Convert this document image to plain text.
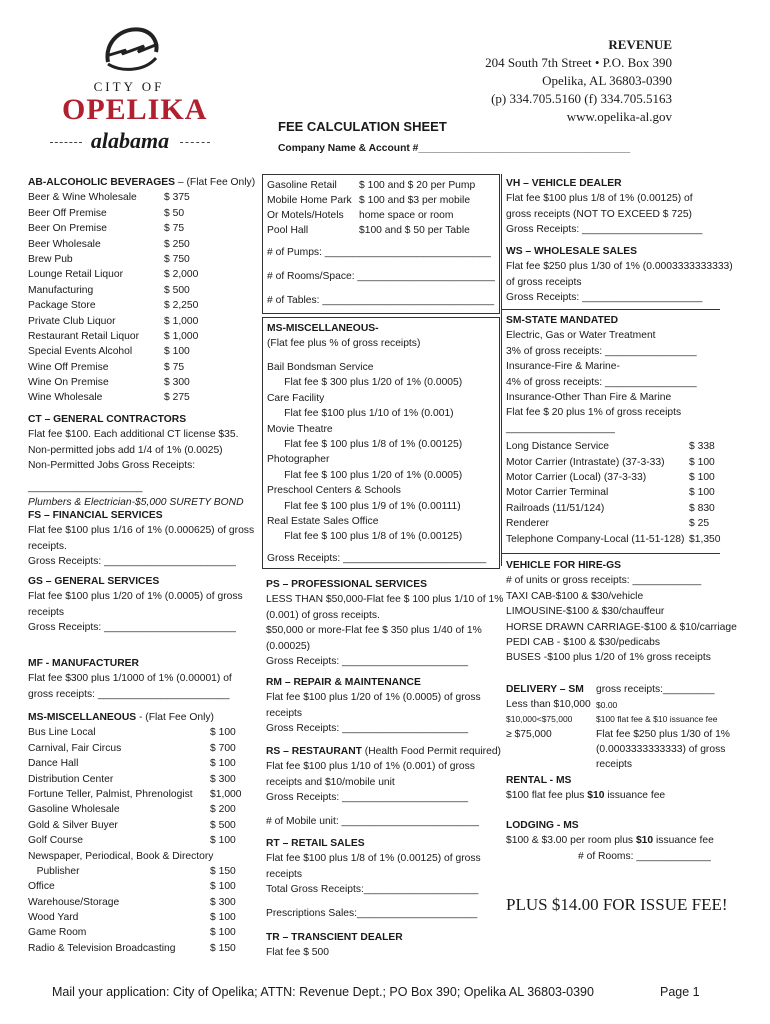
CITY OF
OPELIKA
alabama
REVENUE
204 South 7th Street • P.O. Box 390
Opelika, AL 36803-0390
(p) 334.705.5160 (f) 334.705.5163
www.opelika-al.gov
FEE CALCULATION SHEET
Company Name & Account #_____________________________________
AB-ALCOHOLIC BEVERAGES – (Flat Fee Only)
Beer & Wine Wholesale	$ 375
Beer Off Premise	$ 50
Beer On Premise	$ 75
Beer Wholesale	$ 250
Brew Pub	$ 750
Lounge Retail Liquor	$ 2,000
Manufacturing	$ 500
Package Store	$ 2,250
Private Club Liquor	$ 1,000
Restaurant Retail Liquor $ 1,000
Special Events Alcohol	$ 100
Wine Off Premise	$ 75
Wine On Premise	$ 300
Wine Wholesale	$ 275
CT – GENERAL CONTRACTORS
Flat fee $100. Each additional CT license $35.
Non-permitted jobs add 1/4 of 1% (0.0025)
Non-Permitted Jobs Gross Receipts:
____________________
Plumbers & Electrician-$5,000 SURETY BOND
FS – FINANCIAL SERVICES
Flat fee $100 plus 1/16 of 1% (0.000625) of gross
receipts.
Gross Receipts: _______________________
GS – GENERAL SERVICES
Flat fee $100 plus 1/20 of 1% (0.0005) of gross
receipts
Gross Receipts: _______________________
MF - MANUFACTURER
Flat fee $300 plus 1/1000 of 1% (0.00001) of
gross receipts: _______________________
MS-MISCELLANEOUS - (Flat Fee Only)
Bus Line Local	$ 100
Carnival, Fair Circus	$ 700
Dance Hall	$ 100
Distribution Center	$ 300
Fortune Teller, Palmist, Phrenologist $1,000
Gasoline Wholesale	$ 200
Gold & Silver Buyer	$ 500
Golf Course	$ 100
Newspaper, Periodical, Book & Directory
Publisher	$ 150
Office	$ 100
Warehouse/Storage	$ 300
Wood Yard	$ 100
Game Room	$ 100
Radio & Television Broadcasting	$ 150
Gasoline Retail $ 100 and $ 20 per Pump
Mobile Home Park $ 100 and $3 per mobile
Or Motels/Hotels home space or room
Pool Hall	$100 and $ 50 per Table
# of Pumps: _____________________________
# of Rooms/Space: ________________________
# of Tables: ______________________________
MS-MISCELLANEOUS-
(Flat fee plus % of gross receipts)
Bail Bondsman Service
Flat fee $ 300 plus 1/20 of 1% (0.0005)
Care Facility
Flat fee $100 plus 1/10 of 1% (0.001)
Movie Theatre
Flat fee $ 100 plus 1/8 of 1% (0.00125)
Photographer
Flat fee $ 100 plus 1/20 of 1% (0.0005)
Preschool Centers & Schools
Flat fee $ 100 plus 1/9 of 1% (0.00111)
Real Estate Sales Office
Flat fee $ 100 plus 1/8 of 1% (0.00125)
Gross Receipts: _________________________
PS – PROFESSIONAL SERVICES
LESS THAN $50,000-Flat fee $ 100 plus 1/10 of 1%
(0.001) of gross receipts.
$50,000 or more-Flat fee $ 350 plus 1/40 of 1%
(0.00025)
Gross Receipts: ______________________
RM – REPAIR & MAINTENANCE
Flat fee $100 plus 1/20 of 1% (0.0005) of gross
receipts
Gross Receipts: ______________________
RS – RESTAURANT (Health Food Permit required)
Flat fee $100 plus 1/10 of 1% (0.001) of gross
receipts and $10/mobile unit
Gross Receipts: ______________________
# of Mobile unit: ________________________
RT – RETAIL SALES
Flat fee $100 plus 1/8 of 1% (0.00125) of gross
receipts
Total Gross Receipts:____________________
Prescriptions Sales:_____________________
TR – TRANSCIENT DEALER
Flat fee $ 500
VH – VEHICLE DEALER
Flat fee $100 plus 1/8 of 1% (0.00125) of
gross receipts (NOT TO EXCEED $ 725)
Gross Receipts: _____________________
WS – WHOLESALE SALES
Flat fee $250 plus 1/30 of 1% (0.0003333333333)
of gross receipts
Gross Receipts: _____________________
SM-STATE MANDATED
Electric, Gas or Water Treatment
3% of gross receipts: ________________
Insurance-Fire & Marine-
4% of gross receipts: ________________
Insurance-Other Than Fire & Marine
Flat fee $ 20 plus 1% of gross receipts
___________________
Long Distance Service	$ 338
Motor Carrier (Intrastate) (37-3-33) $ 100
Motor Carrier (Local) (37-3-33)	$ 100
Motor Carrier Terminal	$ 100
Railroads (11/51/124)	$ 830
Renderer	$ 25
Telephone Company-Local (11-51-128) $1,350
VEHICLE FOR HIRE-GS
# of units or gross receipts: ____________
TAXI CAB-$100 & $30/vehicle
LIMOUSINE-$100 & $30/chauffeur
HORSE DRAWN CARRIAGE-$100 & $10/carriage
PEDI CAB - $100 & $30/pedicabs
BUSES -$100 plus 1/20 of 1% gross receipts
DELIVERY – SM gross receipts:_________
Less than $10,000 $0.00
$10,000<$75,000	$100 flat fee & $10 issuance fee
≥ $75,000	Flat fee $250 plus 1/30 of 1%
(0.0003333333333) of gross
receipts
RENTAL - MS
$100 flat fee plus $10 issuance fee
LODGING - MS
$100 & $3.00 per room plus $10 issuance fee
# of Rooms: _____________
PLUS $14.00 FOR ISSUE FEE!
Mail your application: City of Opelika; ATTN: Revenue Dept.; PO Box 390; Opelika AL 36803-0390	Page 1
